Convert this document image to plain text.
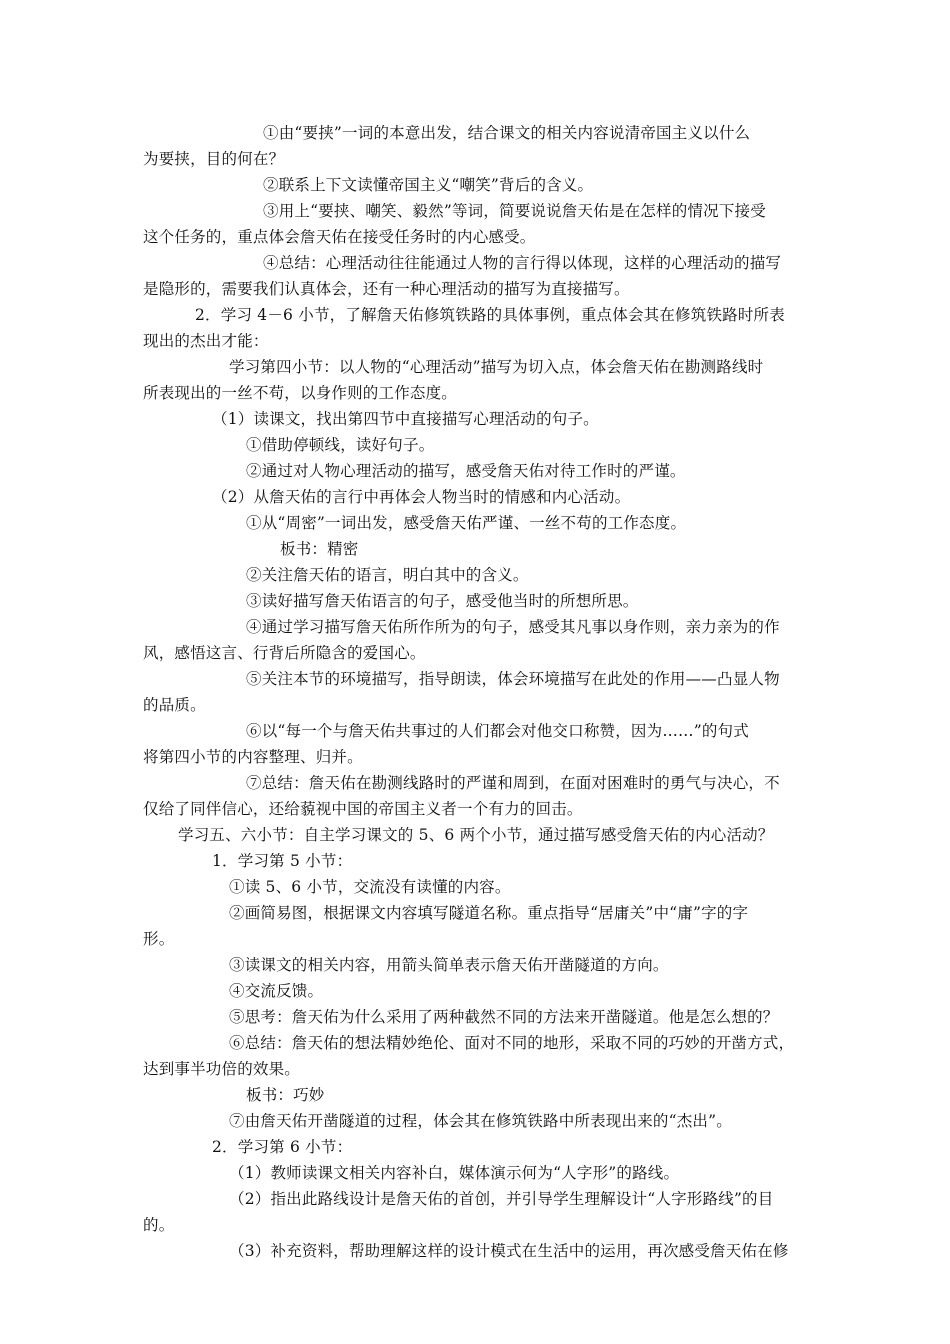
①由“要挟”一词的本意出发，结合课文的相关内容说清帝国主义以什么
为要挟，目的何在？
②联系上下文读懂帝国主义“嘲笑”背后的含义。
③用上“要挟、嘲笑、毅然”等词，简要说说詹天佑是在怎样的情况下接受
这个任务的，重点体会詹天佑在接受任务时的内心感受。
④总结：心理活动往往能通过人物的言行得以体现，这样的心理活动的描写
是隐形的，需要我们认真体会，还有一种心理活动的描写为直接描写。
2．学习 4－6 小节，了解詹天佑修筑铁路的具体事例，重点体会其在修筑铁路时所表
现出的杰出才能：
学习第四小节：以人物的“心理活动”描写为切入点，体会詹天佑在勘测路线时
所表现出的一丝不苟，以身作则的工作态度。
（1）读课文，找出第四节中直接描写心理活动的句子。
①借助停顿线，读好句子。
②通过对人物心理活动的描写，感受詹天佑对待工作时的严谨。
（2）从詹天佑的言行中再体会人物当时的情感和内心活动。
①从“周密”一词出发，感受詹天佑严谨、一丝不苟的工作态度。
板书：精密
②关注詹天佑的语言，明白其中的含义。
③读好描写詹天佑语言的句子，感受他当时的所想所思。
④通过学习描写詹天佑所作所为的句子，感受其凡事以身作则，亲力亲为的作
风，感悟这言、行背后所隐含的爱国心。
⑤关注本节的环境描写，指导朗读，体会环境描写在此处的作用——凸显人物
的品质。
⑥以“每一个与詹天佑共事过的人们都会对他交口称赞，因为……”的句式
将第四小节的内容整理、归并。
⑦总结：詹天佑在勘测线路时的严谨和周到，在面对困难时的勇气与决心，不
仅给了同伴信心，还给藐视中国的帝国主义者一个有力的回击。
学习五、六小节：自主学习课文的 5、6 两个小节，通过描写感受詹天佑的内心活动？
1．学习第 5 小节：
①读 5、6 小节，交流没有读懂的内容。
②画简易图，根据课文内容填写隧道名称。重点指导“居庸关”中“庸”字的字
形。
③读课文的相关内容，用箭头简单表示詹天佑开凿隧道的方向。
④交流反馈。
⑤思考：詹天佑为什么采用了两种截然不同的方法来开凿隧道。他是怎么想的？
⑥总结：詹天佑的想法精妙绝伦、面对不同的地形，采取不同的巧妙的开凿方式，
达到事半功倍的效果。
板书：巧妙
⑦由詹天佑开凿隧道的过程，体会其在修筑铁路中所表现出来的“杰出”。
2．学习第 6 小节：
（1）教师读课文相关内容补白，媒体演示何为“人字形”的路线。
（2）指出此路线设计是詹天佑的首创，并引导学生理解设计“人字形路线”的目
的。
（3）补充资料，帮助理解这样的设计模式在生活中的运用，再次感受詹天佑在修
